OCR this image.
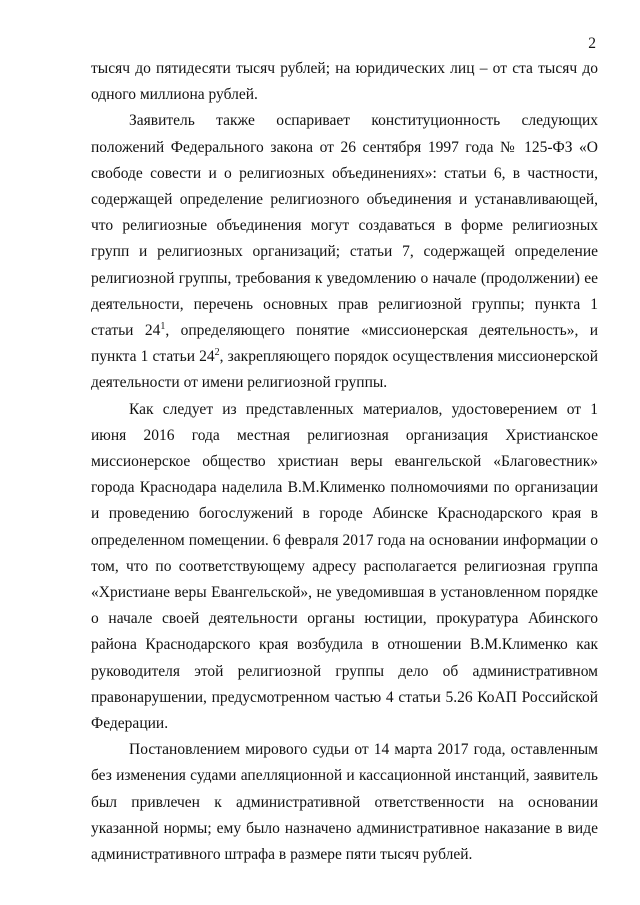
2

тысяч до пятидесяти тысяч рублей; на юридических лиц – от ста тысяч до одного миллиона рублей.

Заявитель также оспаривает конституционность следующих положений Федерального закона от 26 сентября 1997 года № 125-ФЗ «О свободе совести и о религиозных объединениях»: статьи 6, в частности, содержащей определение религиозного объединения и устанавливающей, что религиозные объединения могут создаваться в форме религиозных групп и религиозных организаций; статьи 7, содержащей определение религиозной группы, требования к уведомлению о начале (продолжении) ее деятельности, перечень основных прав религиозной группы; пункта 1 статьи $24^1$, определяющего понятие «миссионерская деятельность», и пункта 1 статьи $24^2$, закрепляющего порядок осуществления миссионерской деятельности от имени религиозной группы.

Как следует из представленных материалов, удостоверением от 1 июня 2016 года местная религиозная организация Христианское миссионерское общество христиан веры евангельской «Благовестник» города Краснодара наделила В.М.Клименко полномочиями по организации и проведению богослужений в городе Абинске Краснодарского края в определенном помещении. 6 февраля 2017 года на основании информации о том, что по соответствующему адресу располагается религиозная группа «Христиане веры Евангельской», не уведомившая в установленном порядке о начале своей деятельности органы юстиции, прокуратура Абинского района Краснодарского края возбудила в отношении В.М.Клименко как руководителя этой религиозной группы дело об административном правонарушении, предусмотренном частью 4 статьи 5.26 КоАП Российской Федерации.

Постановлением мирового судьи от 14 марта 2017 года, оставленным без изменения судами апелляционной и кассационной инстанций, заявитель был привлечен к административной ответственности на основании указанной нормы; ему было назначено административное наказание в виде административного штрафа в размере пяти тысяч рублей.
